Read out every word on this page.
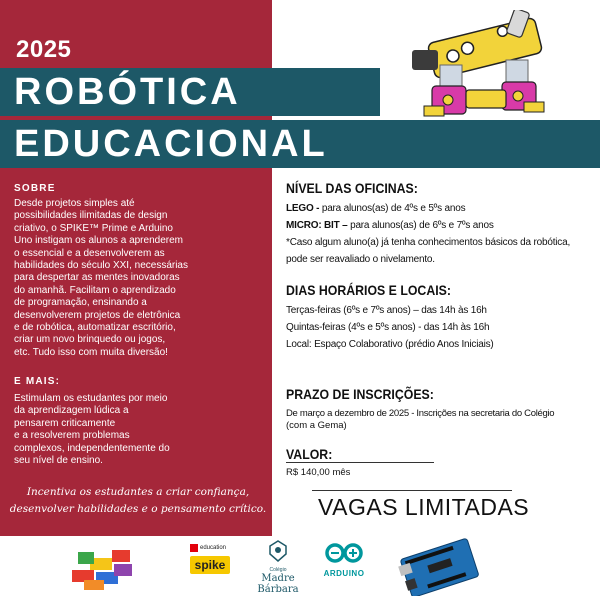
2025
ROBÓTICA
EDUCACIONAL
SOBRE
Desde projetos simples até
possibilidades ilimitadas de design
criativo, o SPIKE™ Prime e Arduino
Uno instigam os alunos a aprenderem
o essencial e a desenvolverem as
habilidades do século XXI, necessárias
para despertar as mentes inovadoras
do amanhã. Facilitam o aprendizado
de programação, ensinando a
desenvolverem projetos de eletrônica
e de robótica, automatizar escritório,
criar um novo brinquedo ou jogos,
etc. Tudo isso com muita diversão!
E MAIS:
Estimulam os estudantes por meio
da aprendizagem lúdica a
pensarem criticamente
e a resolverem problemas
complexos, independentemente do
seu nível de ensino.
Incentiva os estudantes a criar confiança,
desenvolver habilidades e o pensamento crítico.
NÍVEL DAS OFICINAS:
LEGO - para alunos(as) de 4ºs e 5ºs anos
MICRO: BIT – para alunos(as) de 6ºs e 7ºs anos
*Caso algum aluno(a) já tenha conhecimentos básicos da robótica,
pode ser reavaliado o nivelamento.
DIAS HORÁRIOS E LOCAIS:
Terças-feiras (6ºs e 7ºs anos) – das 14h às 16h
Quintas-feiras (4ºs e 5ºs anos) - das 14h às 16h
Local: Espaço Colaborativo (prédio Anos Iniciais)
PRAZO DE INSCRIÇÕES:
De março a dezembro de 2025 - Inscrições na secretaria do Colégio
(com a Gema)
VALOR:
R$ 140,00 mês
VAGAS LIMITADAS
education
spike	Colégio
Madre Bárbara
ARDUINO
